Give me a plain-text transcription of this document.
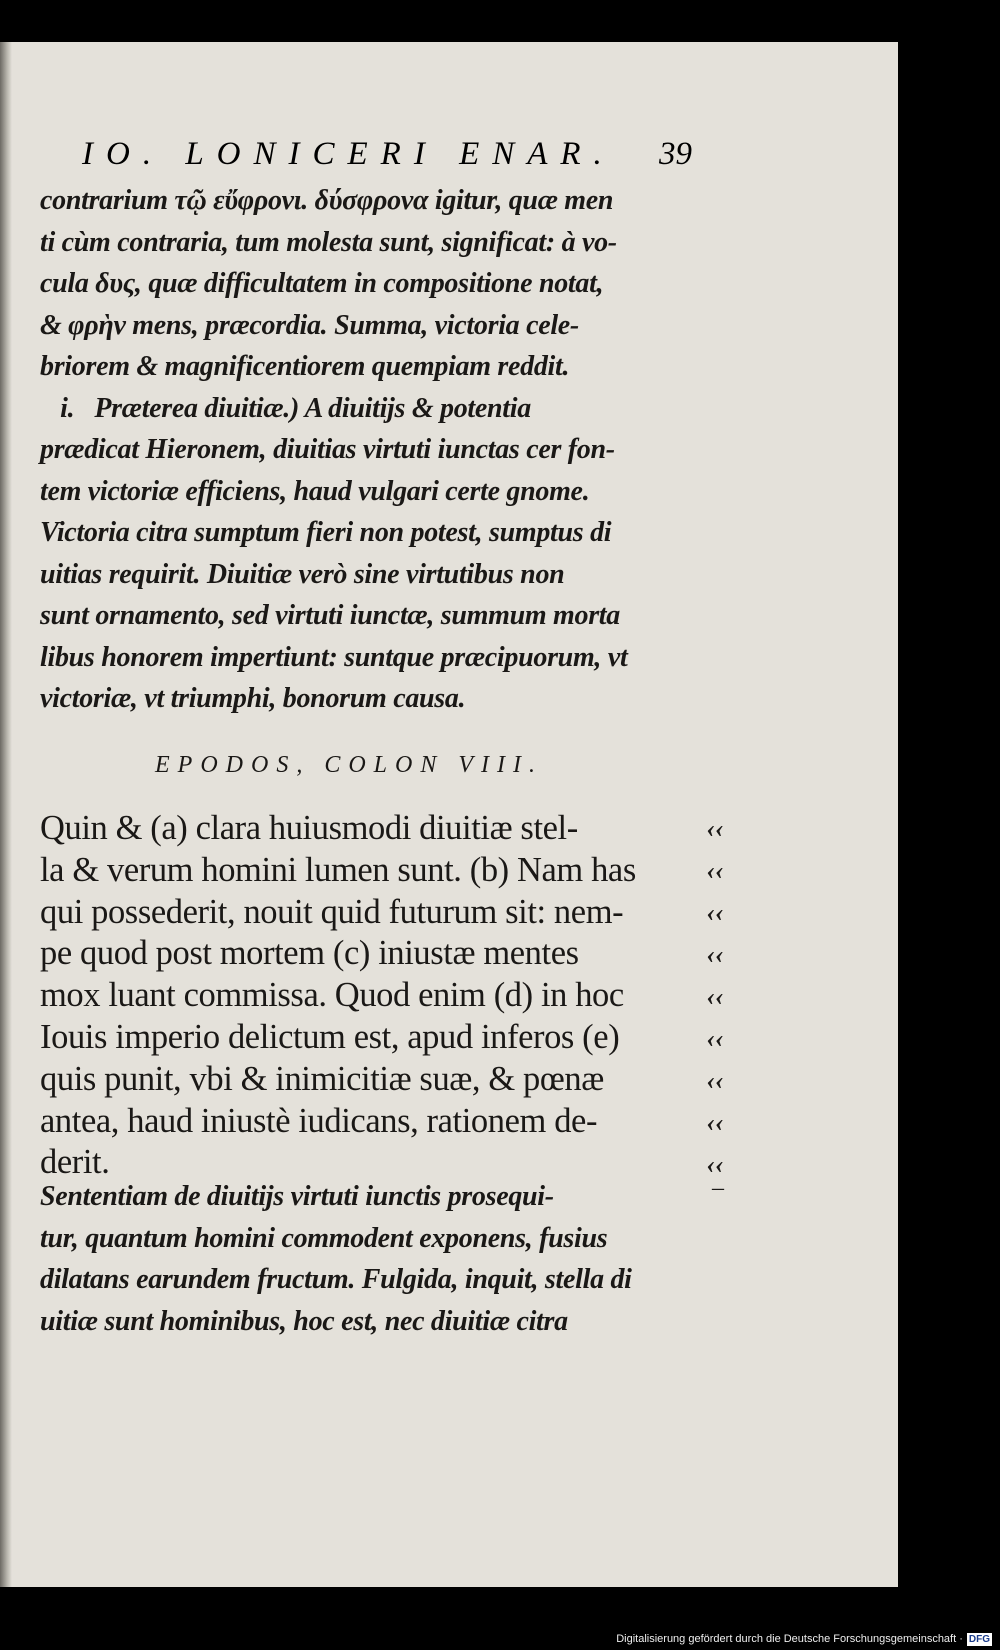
IO. LONICERI ENAR. 39

contrarium τῷ εὔφρονι. δύσφρονα igitur, quæ men

ti cùm contraria, tum molesta sunt, significat: à vo-

cula δυς, quæ difficultatem in compositione notat,

& φρὴν mens, præcordia. Summa, victoria cele-

briorem & magnificentiorem quempiam reddit.

i.   Præterea diuitiæ.) A diuitijs & potentia

prædicat Hieronem, diuitias virtuti iunctas cer fon-

tem victoriæ efficiens, haud vulgari certe gnome.

Victoria citra sumptum fieri non potest, sumptus di

uitias requirit. Diuitiæ verò sine virtutibus non

sunt ornamento, sed virtuti iunctæ, summum morta

libus honorem impertiunt: suntque præcipuorum, vt

victoriæ, vt triumphi, bonorum causa.

EPODOS, COLON VIII.

Quin & (a) clara huiusmodi diuitiæ stel-

la & verum homini lumen sunt. (b) Nam has

qui possederit, nouit quid futurum sit: nem-

pe quod post mortem (c) iniustæ mentes

mox luant commissa. Quod enim (d) in hoc

Iouis imperio delictum est, apud inferos (e)

quis punit, vbi & inimicitiæ suæ, & pœnæ

antea, haud iniustè iudicans, rationem de-

derit.

‹‹
‹‹
‹‹
‹‹
‹‹
‹‹
‹‹
‹‹
‹‹
–

Sententiam de diuitijs virtuti iunctis prosequi-

tur, quantum homini commodent exponens, fusius

dilatans earundem fructum. Fulgida, inquit, stella di

uitiæ sunt hominibus, hoc est, nec diuitiæ citra

Digitalisierung gefördert durch die Deutsche Forschungsgemeinschaft · DFG
